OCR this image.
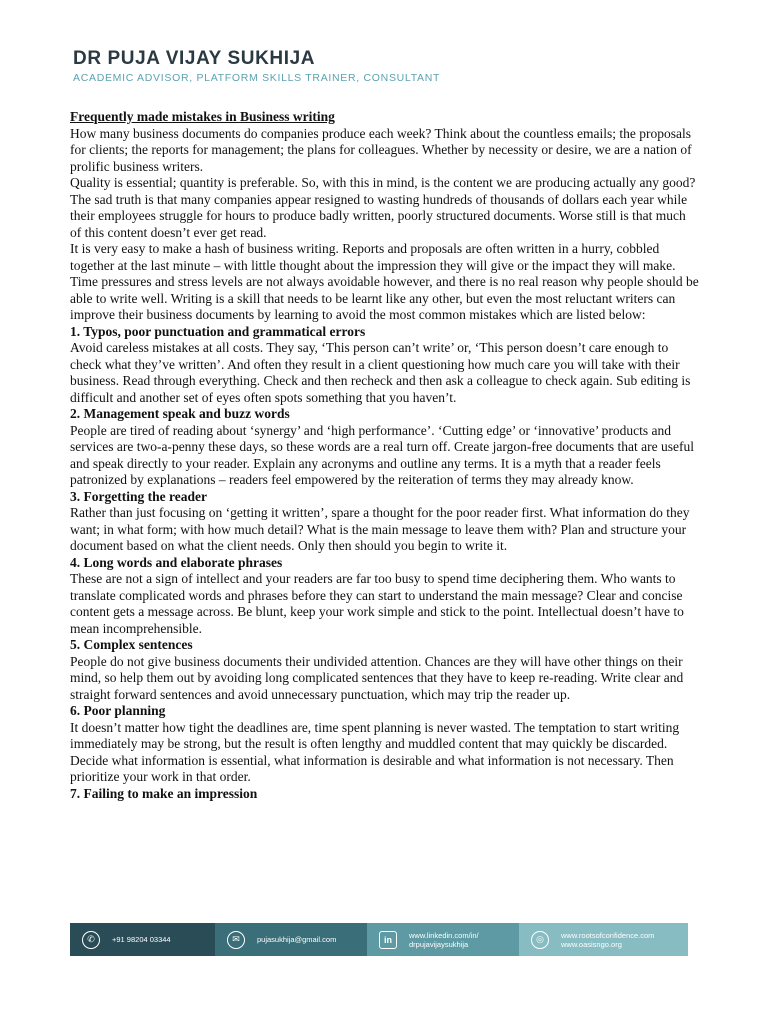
DR PUJA VIJAY SUKHIJA
ACADEMIC ADVISOR, PLATFORM SKILLS TRAINER, CONSULTANT

Frequently made mistakes in Business writing

How many business documents do companies produce each week? Think about the countless emails; the proposals for clients; the reports for management; the plans for colleagues. Whether by necessity or desire, we are a nation of prolific business writers.

Quality is essential; quantity is preferable. So, with this in mind, is the content we are producing actually any good? The sad truth is that many companies appear resigned to wasting hundreds of thousands of dollars each year while their employees struggle for hours to produce badly written, poorly structured documents. Worse still is that much of this content doesn’t ever get read.

It is very easy to make a hash of business writing. Reports and proposals are often written in a hurry, cobbled together at the last minute – with little thought about the impression they will give or the impact they will make.

Time pressures and stress levels are not always avoidable however, and there is no real reason why people should be able to write well. Writing is a skill that needs to be learnt like any other, but even the most reluctant writers can improve their business documents by learning to avoid the most common mistakes which are listed below:

1. Typos, poor punctuation and grammatical errors

Avoid careless mistakes at all costs. They say, ‘This person can’t write’ or, ‘This person doesn’t care enough to check what they’ve written’. And often they result in a client questioning how much care you will take with their business. Read through everything. Check and then recheck and then ask a colleague to check again. Sub editing is difficult and another set of eyes often spots something that you haven’t.

2. Management speak and buzz words

People are tired of reading about ‘synergy’ and ‘high performance’. ‘Cutting edge’ or ‘innovative’ products and services are two-a-penny these days, so these words are a real turn off. Create jargon-free documents that are useful and speak directly to your reader. Explain any acronyms and outline any terms. It is a myth that a reader feels patronized by explanations – readers feel empowered by the reiteration of terms they may already know.

3. Forgetting the reader

Rather than just focusing on ‘getting it written’, spare a thought for the poor reader first. What information do they want; in what form; with how much detail? What is the main message to leave them with? Plan and structure your document based on what the client needs. Only then should you begin to write it.

4. Long words and elaborate phrases

These are not a sign of intellect and your readers are far too busy to spend time deciphering them. Who wants to translate complicated words and phrases before they can start to understand the main message? Clear and concise content gets a message across. Be blunt, keep your work simple and stick to the point. Intellectual doesn’t have to mean incomprehensible.

5. Complex sentences

People do not give business documents their undivided attention. Chances are they will have other things on their mind, so help them out by avoiding long complicated sentences that they have to keep re-reading. Write clear and straight forward sentences and avoid unnecessary punctuation, which may trip the reader up.

6. Poor planning

It doesn’t matter how tight the deadlines are, time spent planning is never wasted. The temptation to start writing immediately may be strong, but the result is often lengthy and muddled content that may quickly be discarded. Decide what information is essential, what information is desirable and what information is not necessary. Then prioritize your work in that order.

7. Failing to make an impression

✆	+91 98204 03344	✉	pujasukhija@gmail.com	in	www.linkedin.com/in/
drpujavijaysukhija	◎	www.rootsofconfidence.com
www.oasisngo.org
